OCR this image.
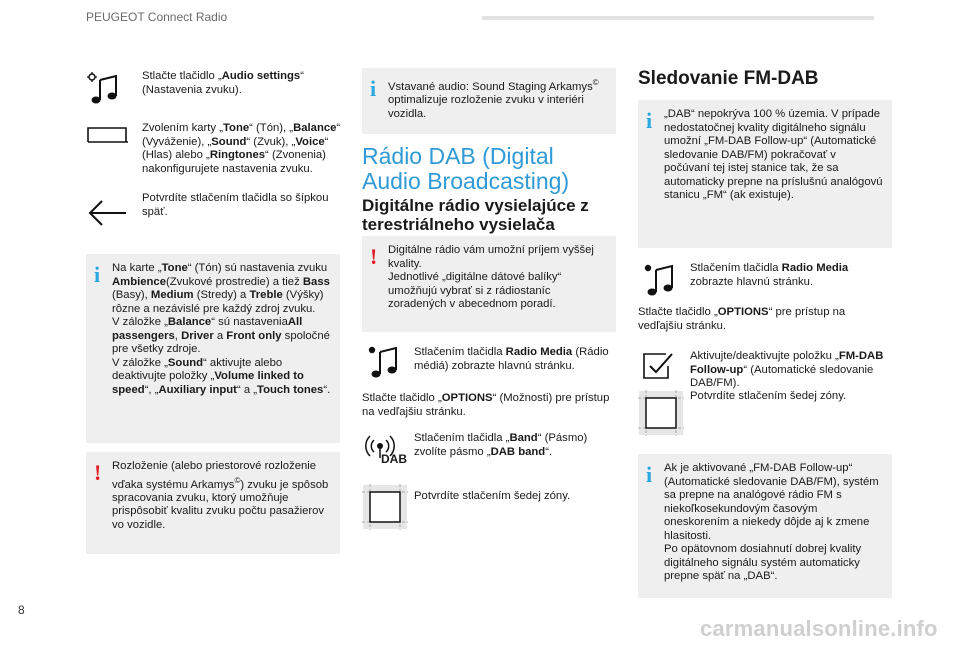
PEUGEOT Connect Radio
Stlačte tlačidlo „Audio settings“ (Nastavenia zvuku).
Zvolením karty „Tone“ (Tón), „Balance“ (Vyváženie), „Sound“ (Zvuk), „Voice“ (Hlas) alebo „Ringtones“ (Zvonenia) nakonfigurujete nastavenia zvuku.
Potvrdíte stlačením tlačidla so šípkou späť.
i Na karte „Tone“ (Tón) sú nastavenia zvuku Ambience(Zvukové prostredie) a tiež Bass (Basy), Medium (Stredy) a Treble (Výšky) rôzne a nezávislé pre každý zdroj zvuku.
V záložke „Balance“ sú nastaveniaAll passengers, Driver a Front only spoločné pre všetky zdroje.
V záložke „Sound“ aktivujte alebo deaktivujte položky „Volume linked to speed“, „Auxiliary input“ a „Touch tones“.
! Rozloženie (alebo priestorové rozloženie vďaka systému Arkamys©) zvuku je spôsob spracovania zvuku, ktorý umožňuje prispôsobiť kvalitu zvuku počtu pasažierov vo vozidle.
i Vstavané audio: Sound Staging Arkamys© optimalizuje rozloženie zvuku v interiéri vozidla.
Rádio DAB (Digital Audio Broadcasting)
Digitálne rádio vysielajúce z terestriálneho vysielača
! Digitálne rádio vám umožní príjem vyššej kvality.
Jednotlivé „digitálne dátové balíky“ umožňujú vybrať si z rádiostaníc zoradených v abecednom poradí.
Stlačením tlačidla Radio Media (Rádio médiá) zobrazte hlavnú stránku.
Stlačte tlačidlo „OPTIONS“ (Možnosti) pre prístup na vedľajšiu stránku.
DAB
Stlačením tlačidla „Band“ (Pásmo) zvolíte pásmo „DAB band“.
Potvrdíte stlačením šedej zóny.
Sledovanie FM-DAB
i „DAB“ nepokrýva 100 % územia. V prípade nedostatočnej kvality digitálneho signálu umožní „FM-DAB Follow-up“ (Automatické sledovanie DAB/FM) pokračovať v počúvaní tej istej stanice tak, že sa automaticky prepne na príslušnú analógovú stanicu „FM“ (ak existuje).
Stlačením tlačidla Radio Media zobrazte hlavnú stránku.
Stlačte tlačidlo „OPTIONS“ pre prístup na vedľajšiu stránku.
Aktivujte/deaktivujte položku „FM-DAB Follow-up“ (Automatické sledovanie DAB/FM).
Potvrdíte stlačením šedej zóny.
i Ak je aktivované „FM-DAB Follow-up“ (Automatické sledovanie DAB/FM), systém sa prepne na analógové rádio FM s niekoľkosekundovým časovým oneskorením a niekedy dôjde aj k zmene hlasitosti.
Po opätovnom dosiahnutí dobrej kvality digitálneho signálu systém automaticky prepne späť na „DAB“.
8
carmanualsonline.info
